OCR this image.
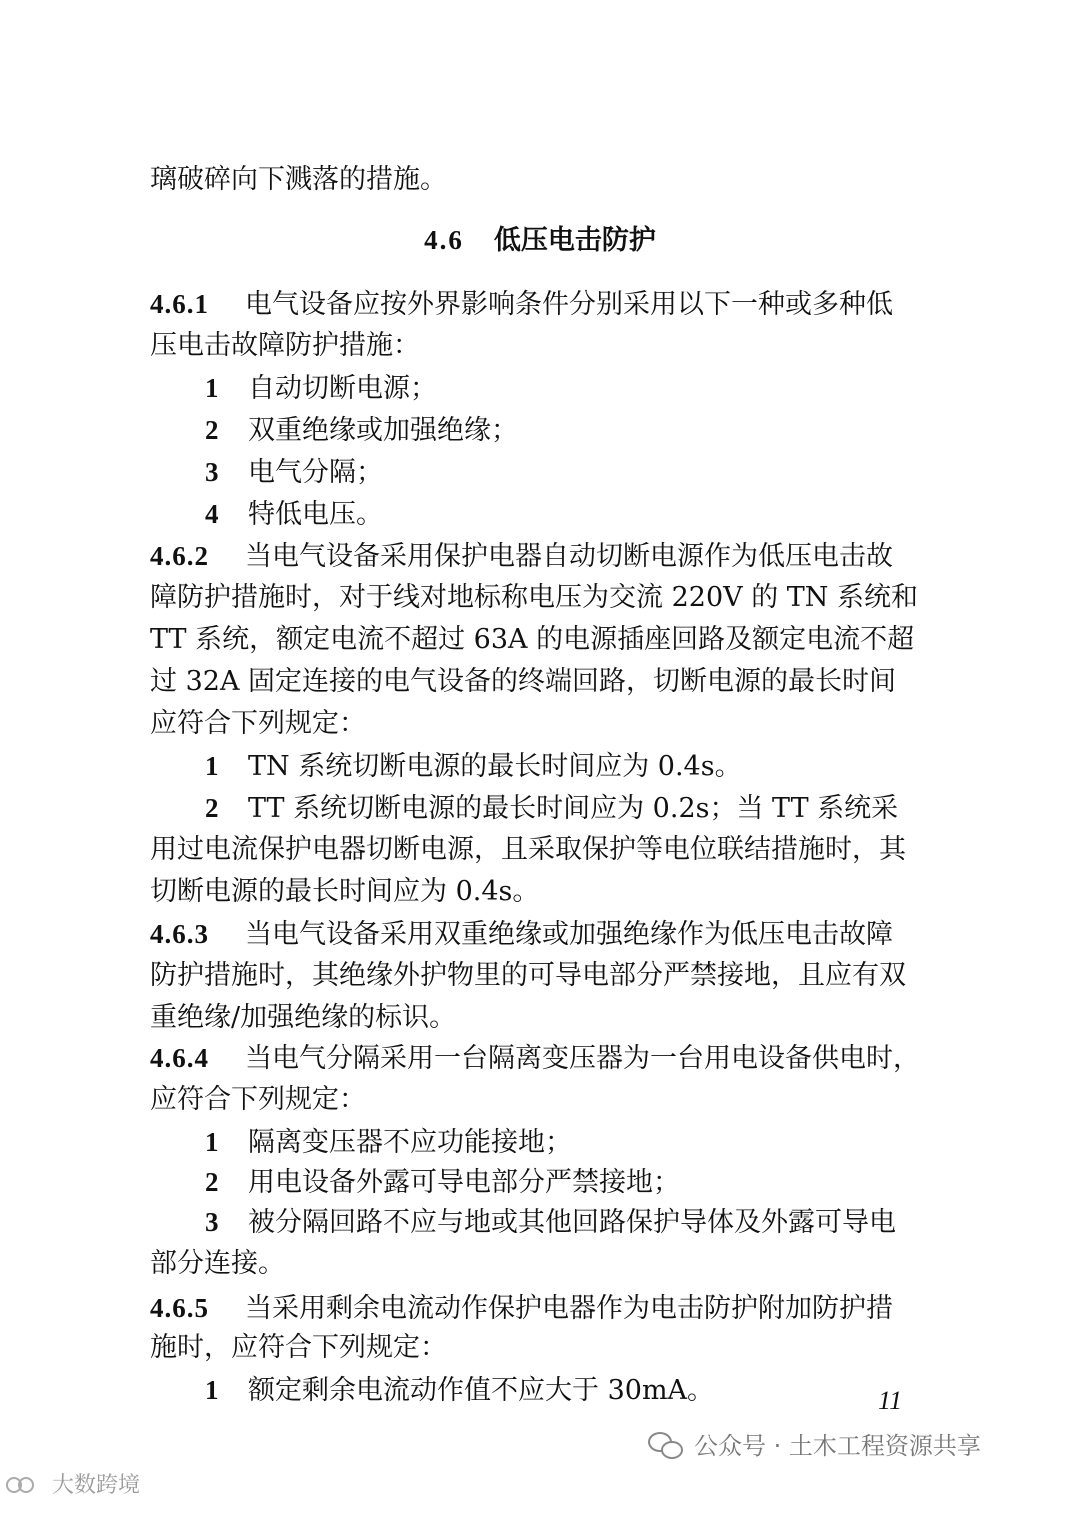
璃破碎向下溅落的措施。
4.6 低压电击防护
4.6.1 电气设备应按外界影响条件分别采用以下一种或多种低
压电击故障防护措施：
1 自动切断电源；
2 双重绝缘或加强绝缘；
3 电气分隔；
4 特低电压。
4.6.2 当电气设备采用保护电器自动切断电源作为低压电击故
障防护措施时，对于线对地标称电压为交流 220V 的 TN 系统和
TT 系统，额定电流不超过 63A 的电源插座回路及额定电流不超
过 32A 固定连接的电气设备的终端回路，切断电源的最长时间
应符合下列规定：
1 TN 系统切断电源的最长时间应为 0.4s。
2 TT 系统切断电源的最长时间应为 0.2s；当 TT 系统采
用过电流保护电器切断电源，且采取保护等电位联结措施时，其
切断电源的最长时间应为 0.4s。
4.6.3 当电气设备采用双重绝缘或加强绝缘作为低压电击故障
防护措施时，其绝缘外护物里的可导电部分严禁接地，且应有双
重绝缘/加强绝缘的标识。
4.6.4 当电气分隔采用一台隔离变压器为一台用电设备供电时，
应符合下列规定：
1 隔离变压器不应功能接地；
2 用电设备外露可导电部分严禁接地；
3 被分隔回路不应与地或其他回路保护导体及外露可导电
部分连接。
4.6.5 当采用剩余电流动作保护电器作为电击防护附加防护措
施时，应符合下列规定：
1 额定剩余电流动作值不应大于 30mA。	11
公众号 · 土木工程资源共享
大数跨境
